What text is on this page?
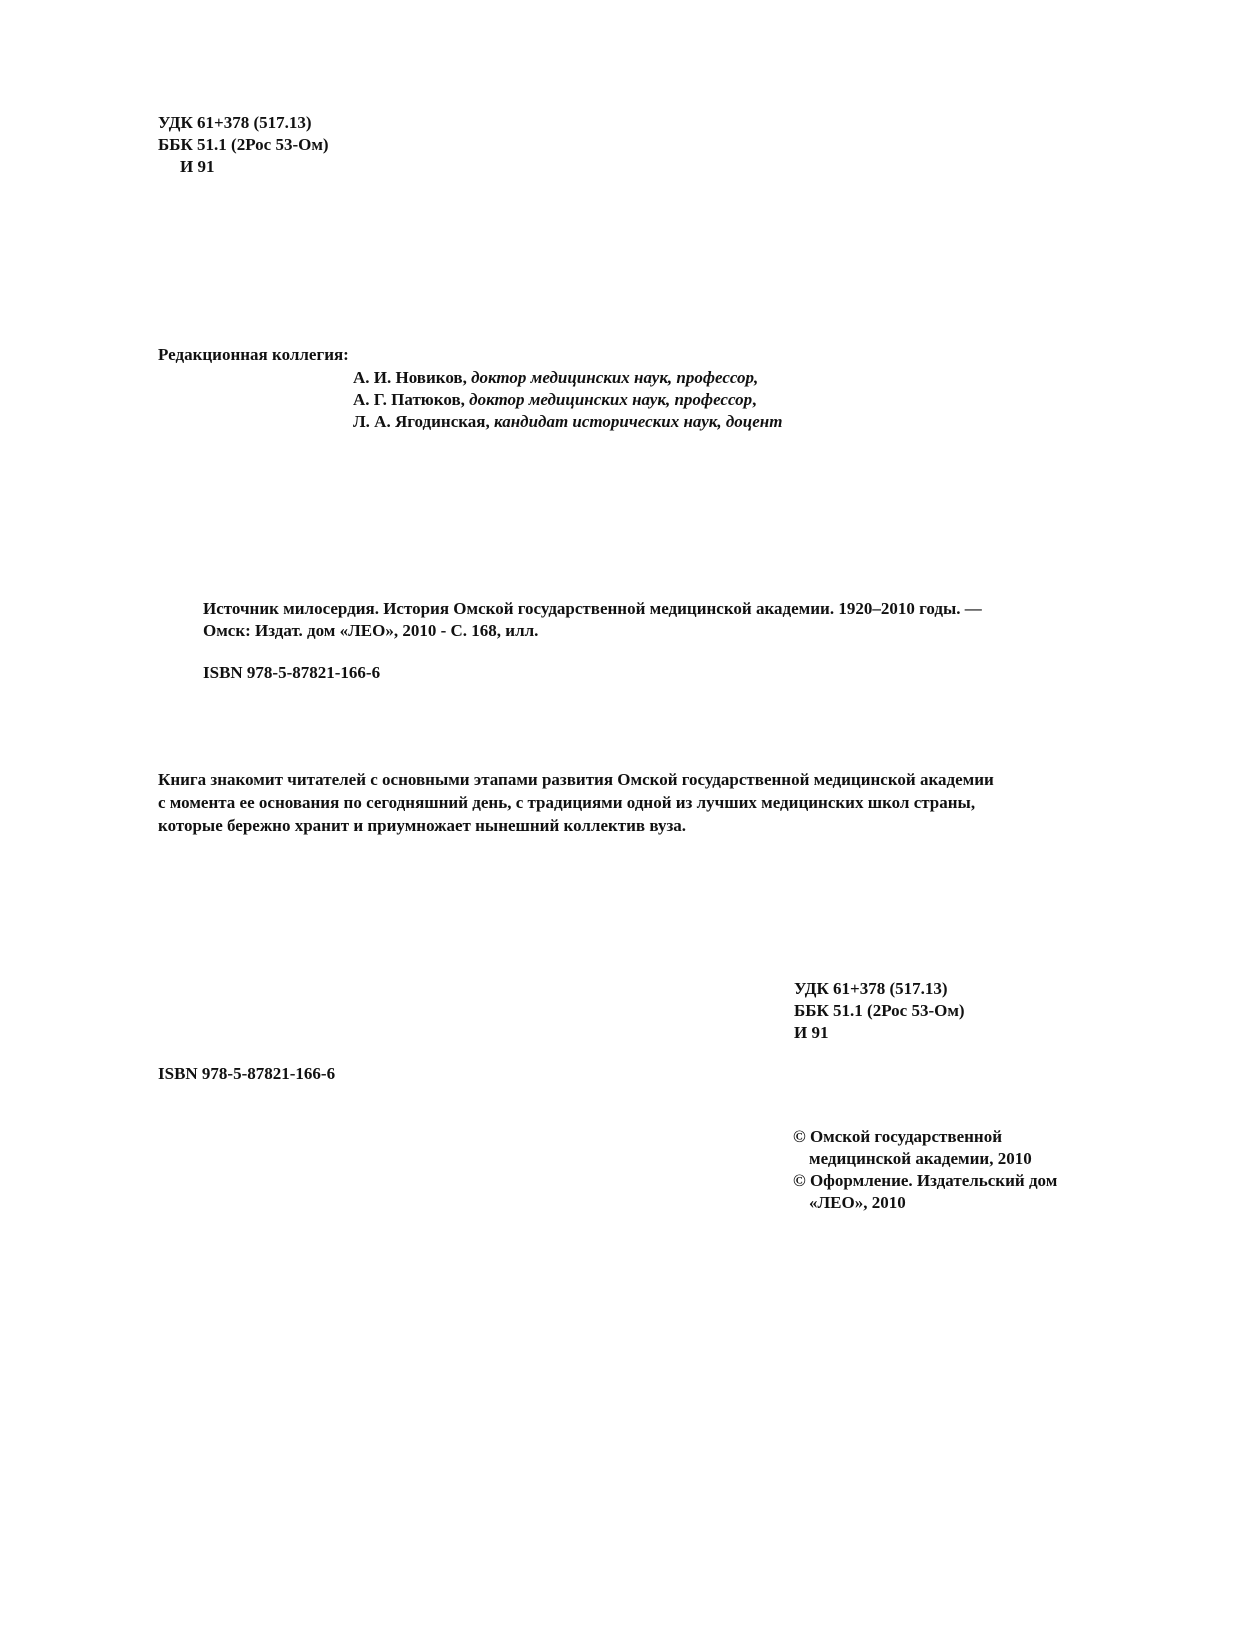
УДК 61+378 (517.13)
ББК 51.1 (2Рос 53-Ом)
И 91
Редакционная коллегия:
А. И. Новиков, доктор медицинских наук, профессор,
А. Г. Патюков, доктор медицинских наук, профессор,
Л. А. Ягодинская, кандидат исторических наук, доцент
Источник милосердия. История Омской государственной медицинской академии. 1920–2010 годы. —
Омск: Издат. дом «ЛЕО», 2010 - С. 168, илл.
ISBN 978-5-87821-166-6
Книга знакомит читателей с основными этапами развития Омской государственной медицинской академии
с момента ее основания по сегодняшний день, с традициями одной из лучших медицинских школ страны,
которые бережно хранит и приумножает нынешний коллектив вуза.
УДК 61+378 (517.13)
ББК 51.1 (2Рос 53-Ом)
И 91
ISBN 978-5-87821-166-6
© Омской государственной
медицинской академии, 2010
© Оформление. Издательский дом
«ЛЕО», 2010
